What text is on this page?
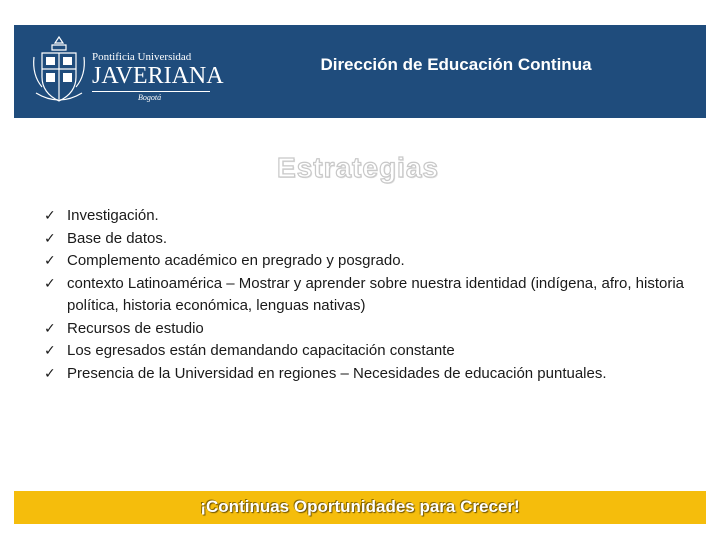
Pontificia Universidad
JAVERIANA
Bogotá
Dirección de Educación Continua
Estrategias
✓ Investigación.
✓ Base de datos.
✓ Complemento académico en pregrado y posgrado.
✓ contexto Latinoamérica – Mostrar y aprender sobre nuestra identidad (indígena, afro, historia política, historia económica, lenguas nativas)
✓ Recursos de estudio
✓ Los egresados están demandando capacitación constante
✓ Presencia de la Universidad en regiones – Necesidades de educación puntuales.
¡Continuas Oportunidades para Crecer!
